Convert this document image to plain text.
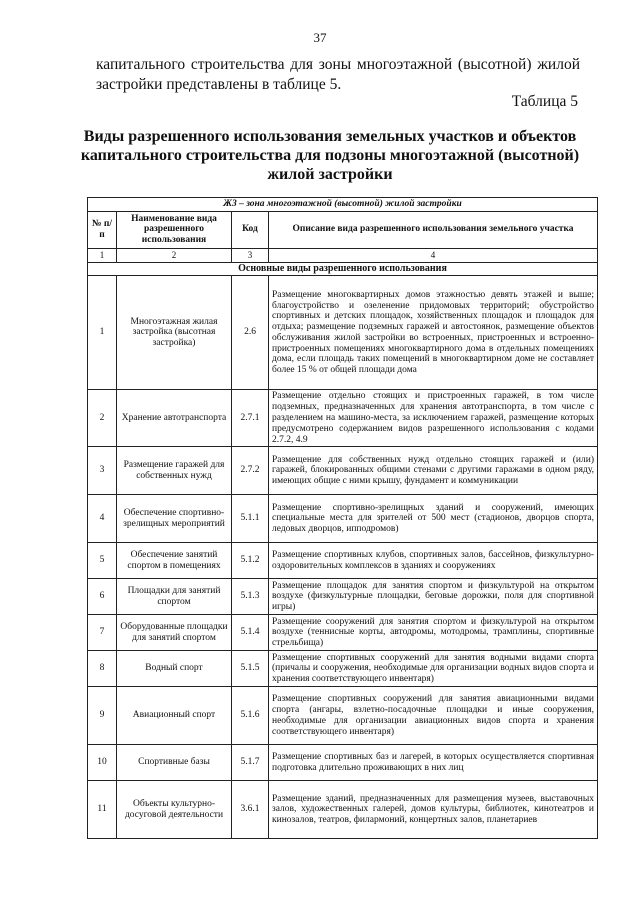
37

капитального строительства для зоны многоэтажной (высотной) жилой застройки представлены в таблице 5.

Таблица 5
Виды разрешенного использования земельных участков и объектов капитального строительства для подзоны многоэтажной (высотной) жилой застройки
Ж3 – зона многоэтажной (высотной) жилой застройки			
№ п/п	Наименование вида разрешенного использования	Код	Описание вида разрешенного использования земельного участка
1	2	3	4
Основные виды разрешенного использования			
1	Многоэтажная жилая застройка (высотная застройка)	2.6	Размещение многоквартирных домов этажностью девять этажей и выше; благоустройство и озеленение придомовых территорий; обустройство спортивных и детских площадок, хозяйственных площадок и площадок для отдыха; размещение подземных гаражей и автостоянок, размещение объектов обслуживания жилой застройки во встроенных, пристроенных и встроенно-пристроенных помещениях многоквартирного дома в отдельных помещениях дома, если площадь таких помещений в многоквартирном доме не составляет более 15 % от общей площади дома
2	Хранение автотранспорта	2.7.1	Размещение отдельно стоящих и пристроенных гаражей, в том числе подземных, предназначенных для хранения автотранспорта, в том числе с разделением на машино-места, за исключением гаражей, размещение которых предусмотрено содержанием видов разрешенного использования с кодами 2.7.2, 4.9
3	Размещение гаражей для собственных нужд	2.7.2	Размещение для собственных нужд отдельно стоящих гаражей и (или) гаражей, блокированных общими стенами с другими гаражами в одном ряду, имеющих общие с ними крышу, фундамент и коммуникации
4	Обеспечение спортивно-зрелищных мероприятий	5.1.1	Размещение спортивно-зрелищных зданий и сооружений, имеющих специальные места для зрителей от 500 мест (стадионов, дворцов спорта, ледовых дворцов, ипподромов)
5	Обеспечение занятий спортом в помещениях	5.1.2	Размещение спортивных клубов, спортивных залов, бассейнов, физкультурно-оздоровительных комплексов в зданиях и сооружениях
6	Площадки для занятий спортом	5.1.3	Размещение площадок для занятия спортом и физкультурой на открытом воздухе (физкультурные площадки, беговые дорожки, поля для спортивной игры)
7	Оборудованные площадки для занятий спортом	5.1.4	Размещение сооружений для занятия спортом и физкультурой на открытом воздухе (теннисные корты, автодромы, мотодромы, трамплины, спортивные стрельбища)
8	Водный спорт	5.1.5	Размещение спортивных сооружений для занятия водными видами спорта (причалы и сооружения, необходимые для организации водных видов спорта и хранения соответствующего инвентаря)
9	Авиационный спорт	5.1.6	Размещение спортивных сооружений для занятия авиационными видами спорта (ангары, взлетно-посадочные площадки и иные сооружения, необходимые для организации авиационных видов спорта и хранения соответствующего инвентаря)
10	Спортивные базы	5.1.7	Размещение спортивных баз и лагерей, в которых осуществляется спортивная подготовка длительно проживающих в них лиц
11	Объекты культурно-досуговой деятельности	3.6.1	Размещение зданий, предназначенных для размещения музеев, выставочных залов, художественных галерей, домов культуры, библиотек, кинотеатров и кинозалов, театров, филармоний, концертных залов, планетариев
